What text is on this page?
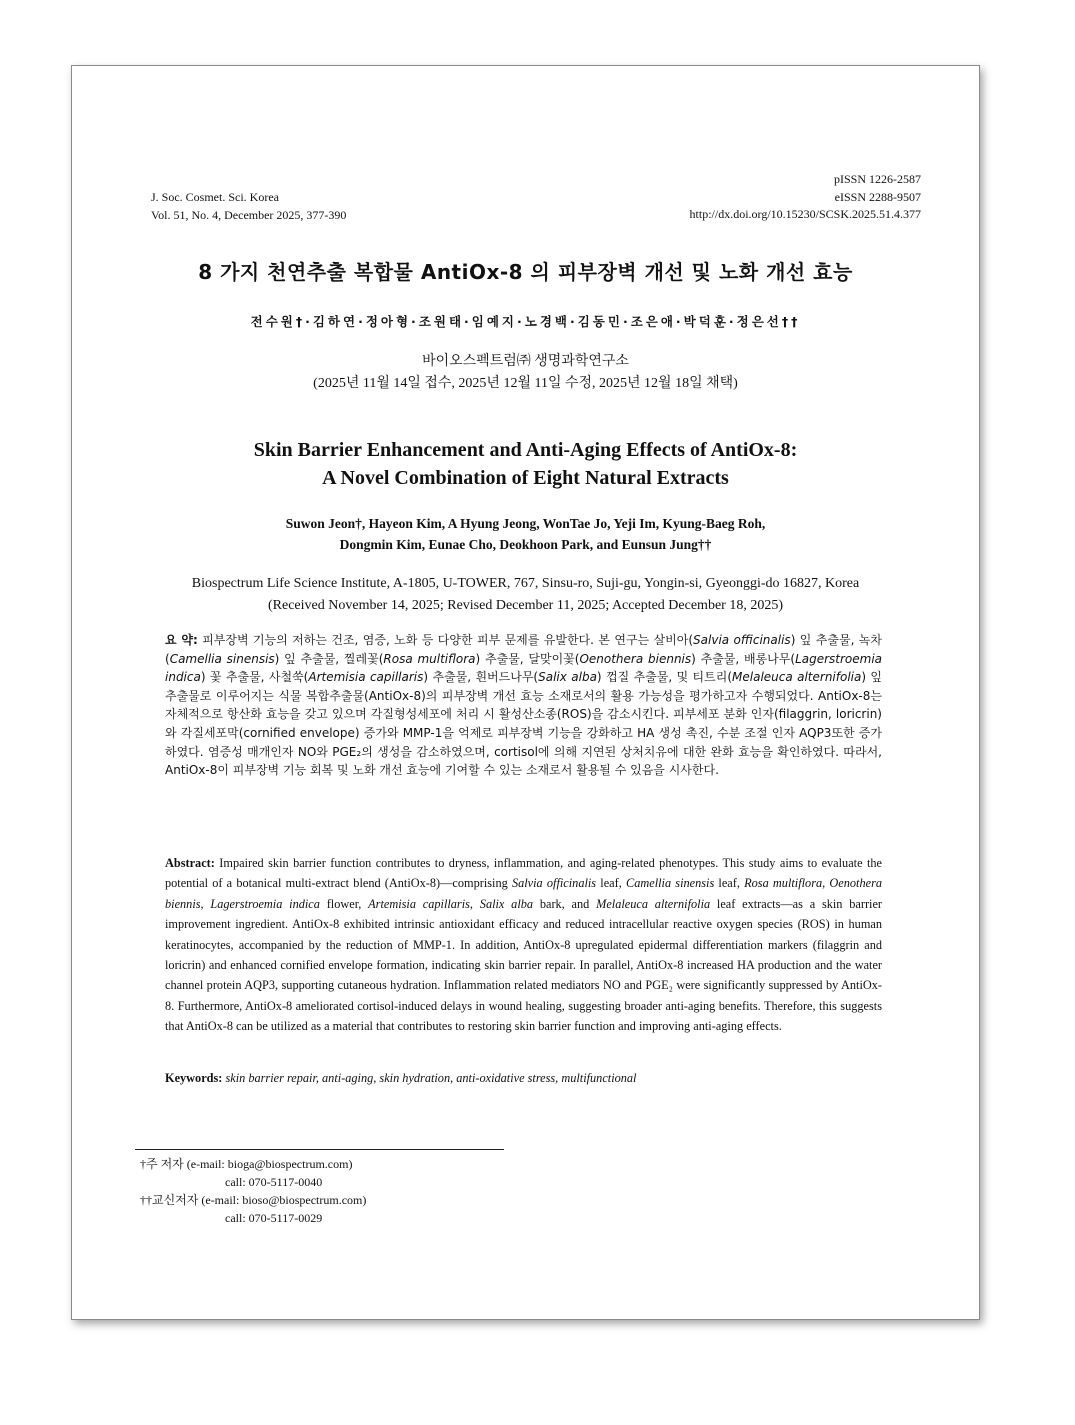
J. Soc. Cosmet. Sci. Korea
Vol. 51, No. 4, December 2025, 377-390
pISSN 1226-2587
eISSN 2288-9507
http://dx.doi.org/10.15230/SCSK.2025.51.4.377
8 가지 천연추출 복합물 AntiOx-8 의 피부장벽 개선 및 노화 개선 효능
전수원†·김하연·정아형·조원태·임예지·노경백·김동민·조은애·박덕훈·정은선††
바이오스펙트럼㈜ 생명과학연구소
(2025년 11월 14일 접수, 2025년 12월 11일 수정, 2025년 12월 18일 채택)
Skin Barrier Enhancement and Anti-Aging Effects of AntiOx-8:
A Novel Combination of Eight Natural Extracts
Suwon Jeon†, Hayeon Kim, A Hyung Jeong, WonTae Jo, Yeji Im, Kyung-Baeg Roh,
Dongmin Kim, Eunae Cho, Deokhoon Park, and Eunsun Jung††
Biospectrum Life Science Institute, A-1805, U-TOWER, 767, Sinsu-ro, Suji-gu, Yongin-si, Gyeonggi-do 16827, Korea
(Received November 14, 2025; Revised December 11, 2025; Accepted December 18, 2025)
요 약: 피부장벽 기능의 저하는 건조, 염증, 노화 등 다양한 피부 문제를 유발한다. 본 연구는 살비아(Salvia officinalis) 잎 추출물, 녹차(Camellia sinensis) 잎 추출물, 찔레꽃(Rosa multiflora) 추출물, 달맞이꽃(Oenothera biennis) 추출물, 배롱나무(Lagerstroemia indica) 꽃 추출물, 사철쑥(Artemisia capillaris) 추출물, 흰버드나무(Salix alba) 껍질 추출물, 및 티트리(Melaleuca alternifolia) 잎 추출물로 이루어지는 식물 복합추출물(AntiOx-8)의 피부장벽 개선 효능 소재로서의 활용 가능성을 평가하고자 수행되었다. AntiOx-8는 자체적으로 항산화 효능을 갖고 있으며 각질형성세포에 처리 시 활성산소종(ROS)을 감소시킨다. 피부세포 분화 인자(filaggrin, loricrin)와 각질세포막(cornified envelope) 증가와 MMP-1을 억제로 피부장벽 기능을 강화하고 HA 생성 촉진, 수분 조절 인자 AQP3또한 증가하였다. 염증성 매개인자 NO와 PGE₂의 생성을 감소하였으며, cortisol에 의해 지연된 상처치유에 대한 완화 효능을 확인하였다. 따라서, AntiOx-8이 피부장벽 기능 회복 및 노화 개선 효능에 기여할 수 있는 소재로서 활용될 수 있음을 시사한다.
Abstract: Impaired skin barrier function contributes to dryness, inflammation, and aging-related phenotypes. This study aims to evaluate the potential of a botanical multi-extract blend (AntiOx-8)—comprising Salvia officinalis leaf, Camellia sinensis leaf, Rosa multiflora, Oenothera biennis, Lagerstroemia indica flower, Artemisia capillaris, Salix alba bark, and Melaleuca alternifolia leaf extracts—as a skin barrier improvement ingredient. AntiOx-8 exhibited intrinsic antioxidant efficacy and reduced intracellular reactive oxygen species (ROS) in human keratinocytes, accompanied by the reduction of MMP-1. In addition, AntiOx-8 upregulated epidermal differentiation markers (filaggrin and loricrin) and enhanced cornified envelope formation, indicating skin barrier repair. In parallel, AntiOx-8 increased HA production and the water channel protein AQP3, supporting cutaneous hydration. Inflammation related mediators NO and PGE₂ were significantly suppressed by AntiOx-8. Furthermore, AntiOx-8 ameliorated cortisol-induced delays in wound healing, suggesting broader anti-aging benefits. Therefore, this suggests that AntiOx-8 can be utilized as a material that contributes to restoring skin barrier function and improving anti-aging effects.
Keywords: skin barrier repair, anti-aging, skin hydration, anti-oxidative stress, multifunctional
†주 저자 (e-mail: bioga@biospectrum.com)
call: 070-5117-0040
††교신저자 (e-mail: bioso@biospectrum.com)
call: 070-5117-0029
